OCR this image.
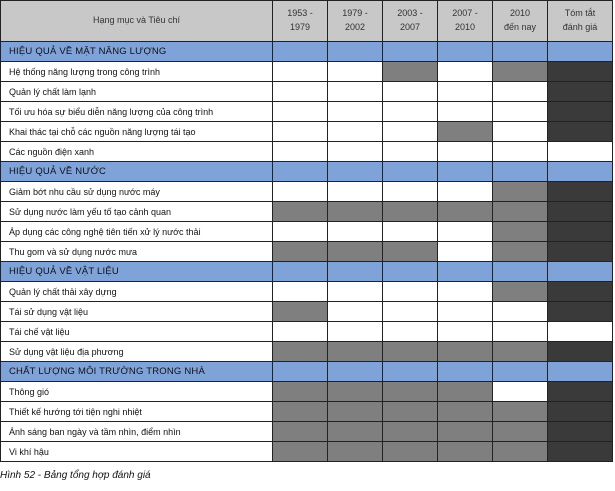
Hạng mục và Tiêu chí
1953 -
1979
1979 -
2002
2003 -
2007
2007 -
2010
2010
đến nay
Tóm tắt
đánh giá
HIỆU QUẢ VỀ MẶT NĂNG LƯỢNG
Hệ thống năng lượng trong công trình
Quản lý chất làm lạnh
Tối ưu hóa sự biểu diễn năng lượng của công trình
Khai thác tại chỗ các nguồn năng lượng tái tạo
Các nguồn điện xanh
HIỆU QUẢ VỀ NƯỚC
Giảm bớt nhu cầu sử dụng nước máy
Sử dụng nước làm yếu tố tạo cảnh quan
Áp dụng các công nghệ tiên tiến xử lý nước thải
Thu gom và sử dụng nước mưa
HIỆU QUẢ VỀ VẬT LIỆU
Quản lý chất thải xây dựng
Tái sử dụng vật liệu
Tái chế vật liệu
Sử dụng vật liệu địa phương
CHẤT LƯỢNG MÔI TRƯỜNG TRONG NHÀ
Thông gió
Thiết kế hướng tới tiện nghi nhiệt
Ánh sáng ban ngày và tầm nhìn, điểm nhìn
Vi khí hậu
Hình 52 - Bảng tổng hợp đánh giá
